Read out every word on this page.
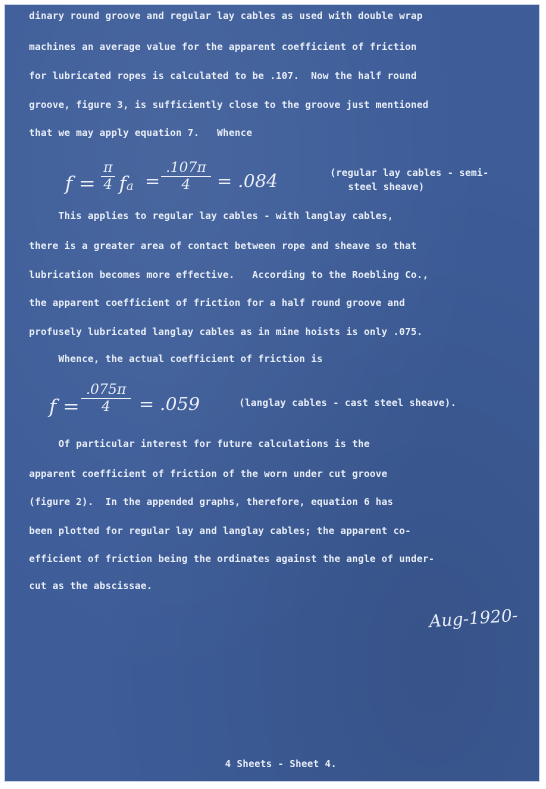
dinary round groove and regular lay cables as used with double wrap
machines an average value for the apparent coefficient of friction
for lubricated ropes is calculated to be .107.  Now the half round
groove, figure 3, is sufficiently close to the groove just mentioned
that we may apply equation 7.   Whence
f =
π
4 fa =
.107π
4	= .084	(regular lay cables - semi-
steel sheave)
This applies to regular lay cables - with langlay cables,
there is a greater area of contact between rope and sheave so that
lubrication becomes more effective.   According to the Roebling Co.,
the apparent coefficient of friction for a half round groove and
profusely lubricated langlay cables as in mine hoists is only .075.
Whence, the actual coefficient of friction is
f =
.075π
4	= .059	(langlay cables - cast steel sheave).
Of particular interest for future calculations is the
apparent coefficient of friction of the worn under cut groove
(figure 2).  In the appended graphs, therefore, equation 6 has
been plotted for regular lay and langlay cables; the apparent co-
efficient of friction being the ordinates against the angle of under-
cut as the abscissae.
Aug-1920-
4 Sheets - Sheet 4.
